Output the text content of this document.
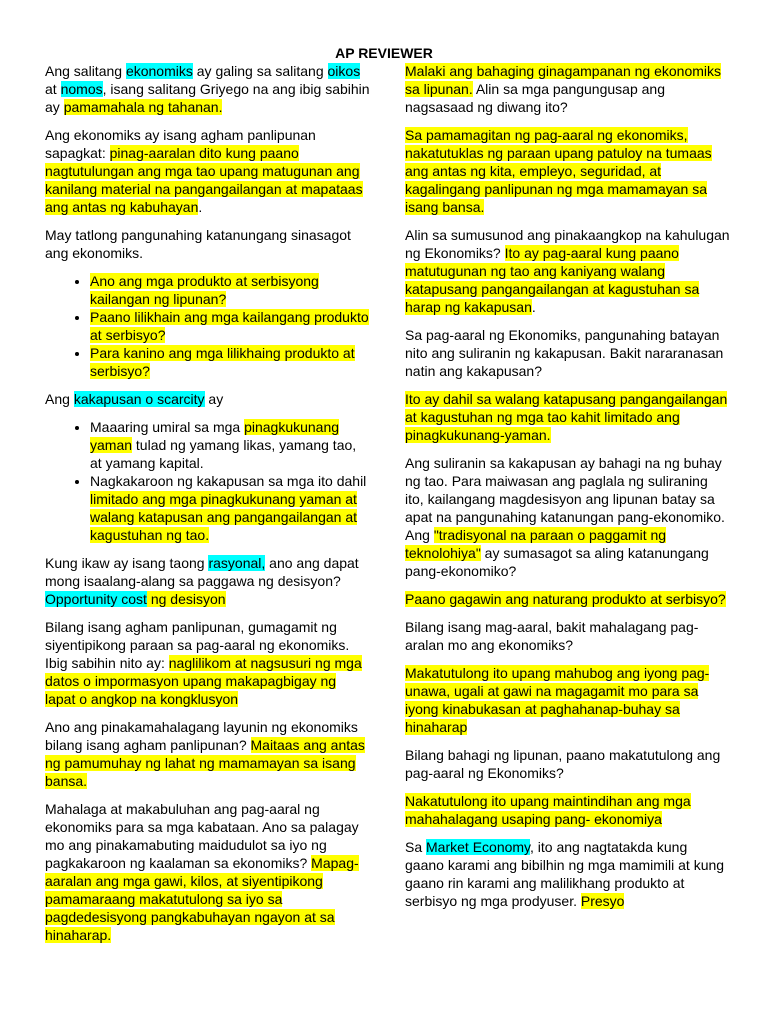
AP REVIEWER

Ang salitang ekonomiks ay galing sa salitang oikos at nomos, isang salitang Griyego na ang ibig sabihin ay pamamahala ng tahanan.

Ang ekonomiks ay isang agham panlipunan sapagkat: pinag-aaralan dito kung paano nagtutulungan ang mga tao upang matugunan ang kanilang material na pangangailangan at mapataas ang antas ng kabuhayan.

May tatlong pangunahing katanungang sinasagot ang ekonomiks.

• Ano ang mga produkto at serbisyong kailangan ng lipunan?
• Paano lilikhain ang mga kailangang produkto at serbisyo?
• Para kanino ang mga lilikhaing produkto at serbisyo?

Ang kakapusan o scarcity ay

• Maaaring umiral sa mga pinagkukunang yaman tulad ng yamang likas, yamang tao, at yamang kapital.
• Nagkakaroon ng kakapusan sa mga ito dahil limitado ang mga pinagkukunang yaman at walang katapusan ang pangangailangan at kagustuhan ng tao.

Kung ikaw ay isang taong rasyonal, ano ang dapat mong isaalang-alang sa paggawa ng desisyon? Opportunity cost ng desisyon

Bilang isang agham panlipunan, gumagamit ng siyentipikong paraan sa pag-aaral ng ekonomiks. Ibig sabihin nito ay: naglilikom at nagsusuri ng mga datos o impormasyon upang makapagbigay ng lapat o angkop na kongklusyon

Ano ang pinakamahalagang layunin ng ekonomiks bilang isang agham panlipunan? Maitaas ang antas ng pamumuhay ng lahat ng mamamayan sa isang bansa.

Mahalaga at makabuluhan ang pag-aaral ng ekonomiks para sa mga kabataan. Ano sa palagay mo ang pinakamabuting maidudulot sa iyo ng pagkakaroon ng kaalaman sa ekonomiks? Mapag-aaralan ang mga gawi, kilos, at siyentipikong pamamaraang makatutulong sa iyo sa pagdedesisyong pangkabuhayan ngayon at sa hinaharap.

Malaki ang bahaging ginagampanan ng ekonomiks sa lipunan. Alin sa mga pangungusap ang nagsasaad ng diwang ito?

Sa pamamagitan ng pag-aaral ng ekonomiks, nakatutuklas ng paraan upang patuloy na tumaas ang antas ng kita, empleyo, seguridad, at kagalingang panlipunan ng mga mamamayan sa isang bansa.

Alin sa sumusunod ang pinakaangkop na kahulugan ng Ekonomiks? Ito ay pag-aaral kung paano matutugunan ng tao ang kaniyang walang katapusang pangangailangan at kagustuhan sa harap ng kakapusan.

Sa pag-aaral ng Ekonomiks, pangunahing batayan nito ang suliranin ng kakapusan. Bakit nararanasan natin ang kakapusan?

Ito ay dahil sa walang katapusang pangangailangan at kagustuhan ng mga tao kahit limitado ang pinagkukunang-yaman.

Ang suliranin sa kakapusan ay bahagi na ng buhay ng tao. Para maiwasan ang paglala ng suliraning ito, kailangang magdesisyon ang lipunan batay sa apat na pangunahing katanungan pang-ekonomiko. Ang "tradisyonal na paraan o paggamit ng teknolohiya" ay sumasagot sa aling katanungang pang-ekonomiko?

Paano gagawin ang naturang produkto at serbisyo?

Bilang isang mag-aaral, bakit mahalagang pag-aralan mo ang ekonomiks?

Makatutulong ito upang mahubog ang iyong pag-unawa, ugali at gawi na magagamit mo para sa iyong kinabukasan at paghahanap-buhay sa hinaharap

Bilang bahagi ng lipunan, paano makatutulong ang pag-aaral ng Ekonomiks?

Nakatutulong ito upang maintindihan ang mga mahahalagang usaping pang- ekonomiya

Sa Market Economy, ito ang nagtatakda kung gaano karami ang bibilhin ng mga mamimili at kung gaano rin karami ang malilikhang produkto at serbisyo ng mga prodyuser. Presyo
